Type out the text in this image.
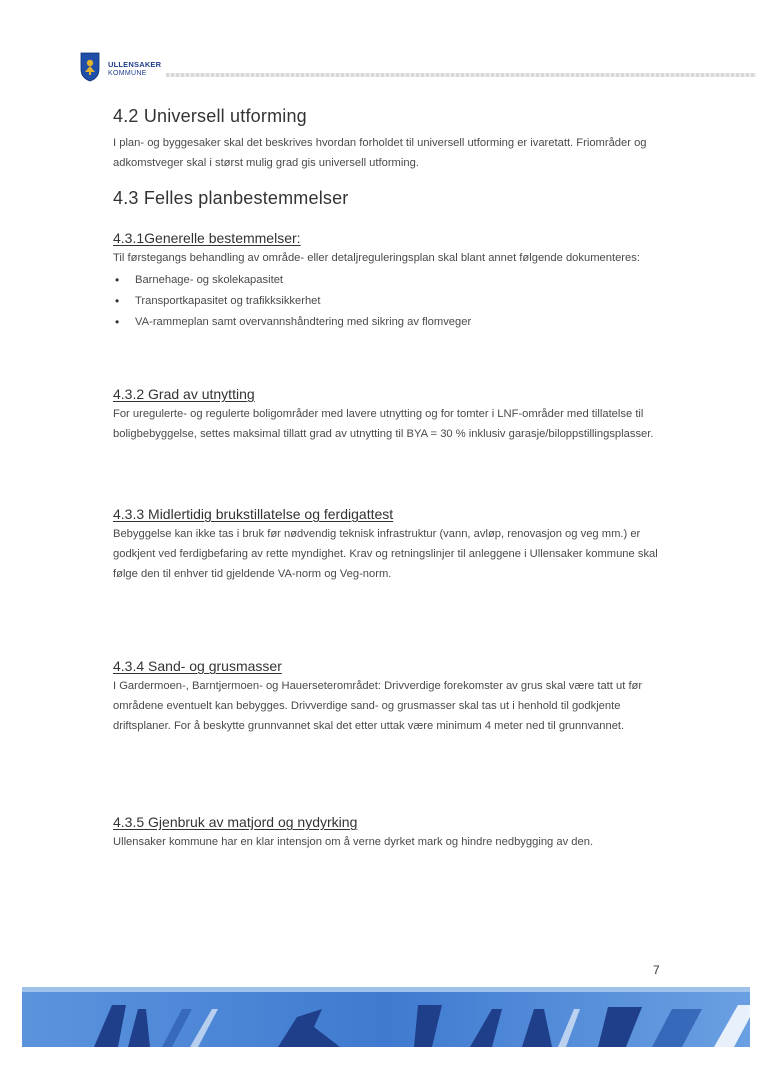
ULLENSAKER
KOMMUNE
4.2 Universell utforming

I plan- og byggesaker skal det beskrives hvordan forholdet til universell utforming er ivaretatt. Friområder og adkomstveger skal i størst mulig grad gis universell utforming.

4.3 Felles planbestemmelser
4.3.1Generelle bestemmelser:

Til førstegangs behandling av område- eller detaljreguleringsplan skal blant annet følgende dokumenteres:

• Barnehage- og skolekapasitet
• Transportkapasitet og trafikksikkerhet
• VA-rammeplan samt overvannshåndtering med sikring av flomveger
4.3.2 Grad av utnytting

For uregulerte- og regulerte boligområder med lavere utnytting og for tomter i LNF-områder med tillatelse til boligbebyggelse, settes maksimal tillatt grad av utnytting til BYA = 30 % inklusiv garasje/biloppstillingsplasser.

4.3.3 Midlertidig brukstillatelse og ferdigattest

Bebyggelse kan ikke tas i bruk før nødvendig teknisk infrastruktur (vann, avløp, renovasjon og veg mm.) er godkjent ved ferdigbefaring av rette myndighet. Krav og retningslinjer til anleggene i Ullensaker kommune skal følge den til enhver tid gjeldende VA-norm og Veg-norm.

4.3.4 Sand- og grusmasser

I Gardermoen-, Barntjermoen- og Hauerseterområdet: Drivverdige forekomster av grus skal være tatt ut før områdene eventuelt kan bebygges. Drivverdige sand- og grusmasser skal tas ut i henhold til godkjente driftsplaner. For å beskytte grunnvannet skal det etter uttak være minimum 4 meter ned til grunnvannet.

4.3.5 Gjenbruk av matjord og nydyrking

Ullensaker kommune har en klar intensjon om å verne dyrket mark og hindre nedbygging av den.

7
